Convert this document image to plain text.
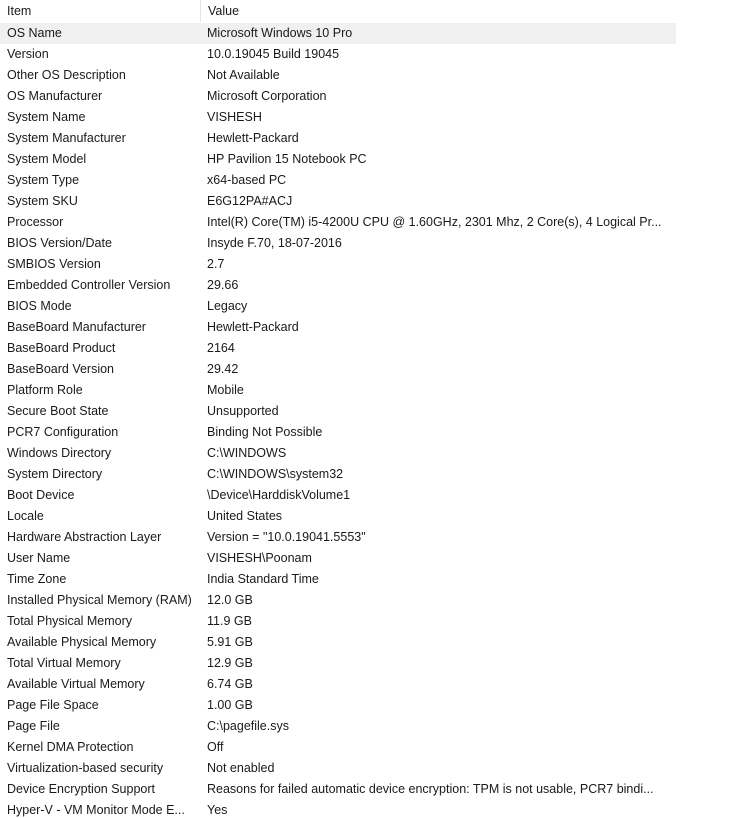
Item	Value
OS Name	Microsoft Windows 10 Pro
Version	10.0.19045 Build 19045
Other OS Description	Not Available
OS Manufacturer	Microsoft Corporation
System Name	VISHESH
System Manufacturer	Hewlett-Packard
System Model	HP Pavilion 15 Notebook PC
System Type	x64-based PC
System SKU	E6G12PA#ACJ
Processor	Intel(R) Core(TM) i5-4200U CPU @ 1.60GHz, 2301 Mhz, 2 Core(s), 4 Logical Pr...
BIOS Version/Date	Insyde F.70, 18-07-2016
SMBIOS Version	2.7
Embedded Controller Version	29.66
BIOS Mode	Legacy
BaseBoard Manufacturer	Hewlett-Packard
BaseBoard Product	2164
BaseBoard Version	29.42
Platform Role	Mobile
Secure Boot State	Unsupported
PCR7 Configuration	Binding Not Possible
Windows Directory	C:\WINDOWS
System Directory	C:\WINDOWS\system32
Boot Device	\Device\HarddiskVolume1
Locale	United States
Hardware Abstraction Layer	Version = "10.0.19041.5553"
User Name	VISHESH\Poonam
Time Zone	India Standard Time
Installed Physical Memory (RAM)	12.0 GB
Total Physical Memory	11.9 GB
Available Physical Memory	5.91 GB
Total Virtual Memory	12.9 GB
Available Virtual Memory	6.74 GB
Page File Space	1.00 GB
Page File	C:\pagefile.sys
Kernel DMA Protection	Off
Virtualization-based security	Not enabled
Device Encryption Support	Reasons for failed automatic device encryption: TPM is not usable, PCR7 bindi...
Hyper-V - VM Monitor Mode E...	Yes
